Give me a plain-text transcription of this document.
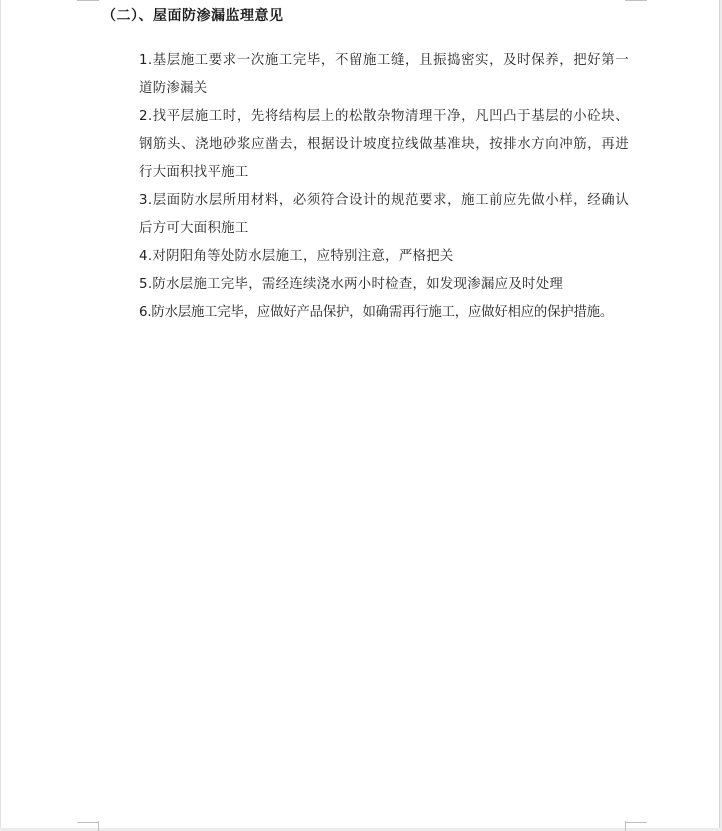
（二）、屋面防渗漏监理意见
1.基层施工要求一次施工完毕，不留施工缝，且振捣密实，及时保养，把好第一道防渗漏关
2.找平层施工时，先将结构层上的松散杂物清理干净，凡凹凸于基层的小砼块、钢筋头、浇地砂浆应凿去，根据设计坡度拉线做基准块，按排水方向冲筋，再进行大面积找平施工
3.层面防水层所用材料，必须符合设计的规范要求，施工前应先做小样，经确认后方可大面积施工
4.对阴阳角等处防水层施工，应特别注意，严格把关
5.防水层施工完毕，需经连续浇水两小时检查，如发现渗漏应及时处理
6.防水层施工完毕，应做好产品保护，如确需再行施工，应做好相应的保护措施。
